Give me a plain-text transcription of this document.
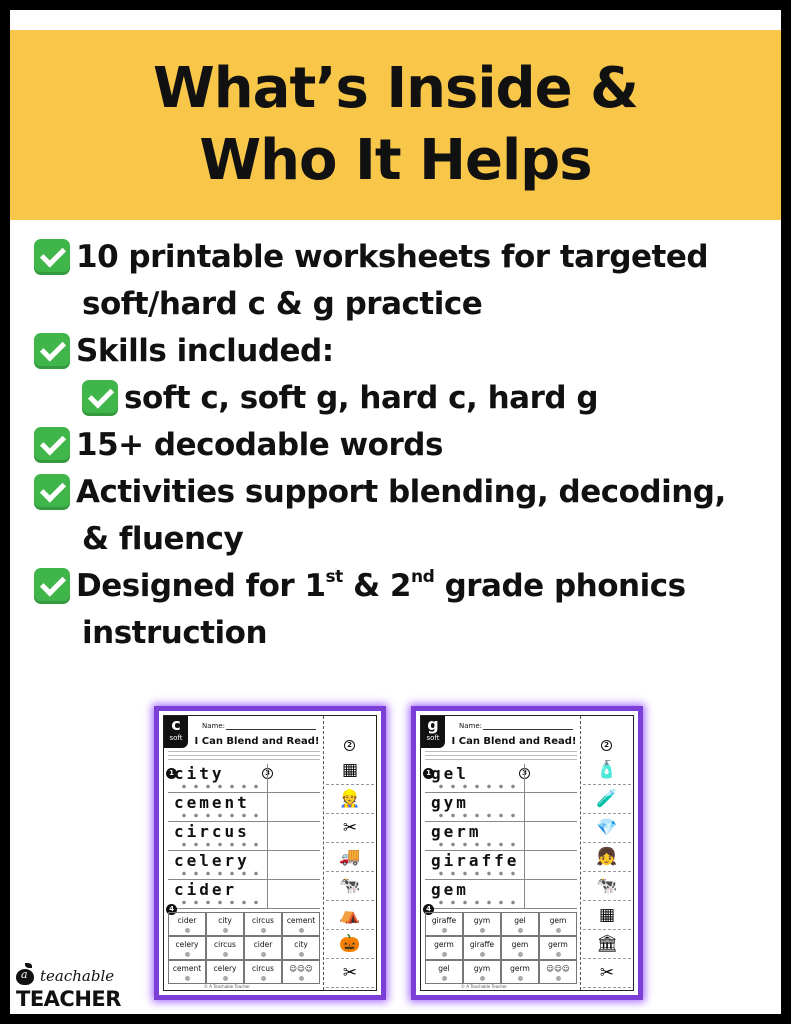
What’s Inside &
Who It Helps
10 printable worksheets for targeted
soft/hard c & g practice
Skills included:
soft c, soft g, hard c, hard g
15+ decodable words
Activities support blending, decoding,
& fluency
Designed for 1st & 2nd grade phonics
instruction
c
soft
Name:
I Can Blend and Read!
1	3
city
cement
circus
celery
cider
4
cider	city	circus	cement
celery	circus	cider	city
cement	celery	circus	☺☺☺
© A Teachable Teacher
2
▦
👷
✂
🚚
🐄
⛺
🎃
✂
g
soft
Name:
I Can Blend and Read!
1	3
gel
gym
germ
giraffe
gem
4
giraffe	gym	gel	gem
germ	giraffe	gem	germ
gel	gym	germ	☺☺☺
© A Teachable Teacher
2
🧴
🧪
💎
👧
🐄
▦
🏛
✂
a
teachable
TEACHER
